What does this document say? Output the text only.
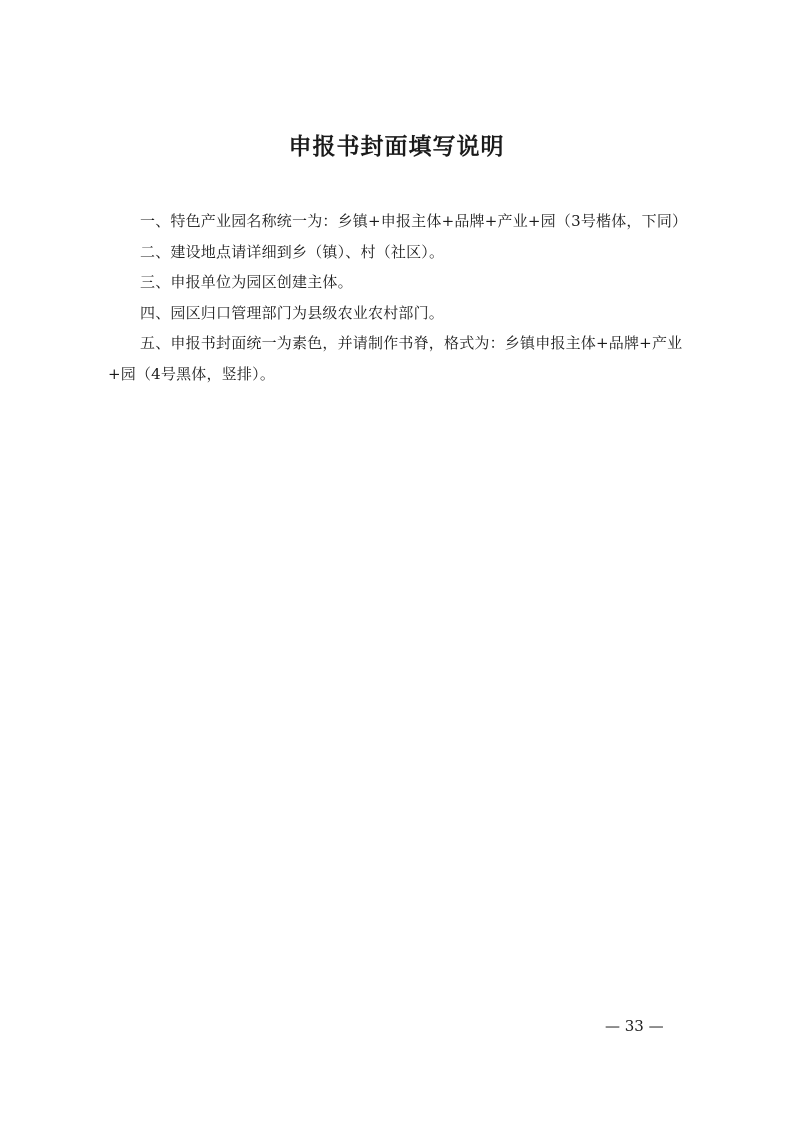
申报书封面填写说明

一、特色产业园名称统一为：乡镇+申报主体+品牌+产业+园（3号楷体，下同）

二、建设地点请详细到乡（镇）、村（社区）。

三、申报单位为园区创建主体。

四、园区归口管理部门为县级农业农村部门。

五、申报书封面统一为素色，并请制作书脊，格式为：乡镇申报主体+品牌+产业+园（4号黑体，竖排）。

— 33 —
